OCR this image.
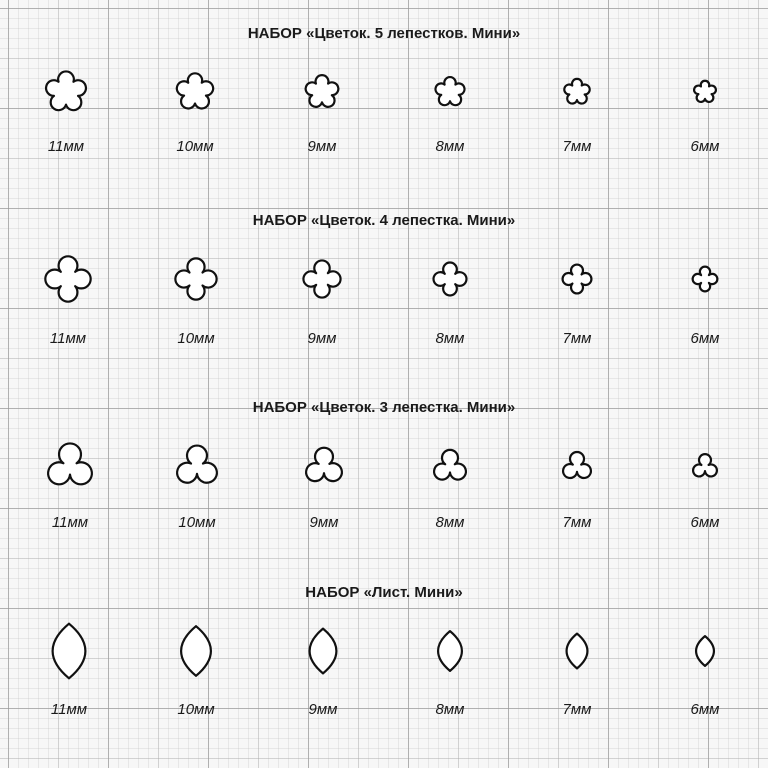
НАБОР «Цветок. 5 лепестков. Мини»
11мм	10мм	9мм	8мм	7мм	6мм
НАБОР «Цветок. 4 лепестка. Мини»
11мм	10мм	9мм	8мм	7мм	6мм
НАБОР «Цветок. 3 лепестка. Мини»
11мм	10мм	9мм	8мм	7мм	6мм
НАБОР «Лист. Мини»
11мм	10мм	9мм	8мм	7мм	6мм
